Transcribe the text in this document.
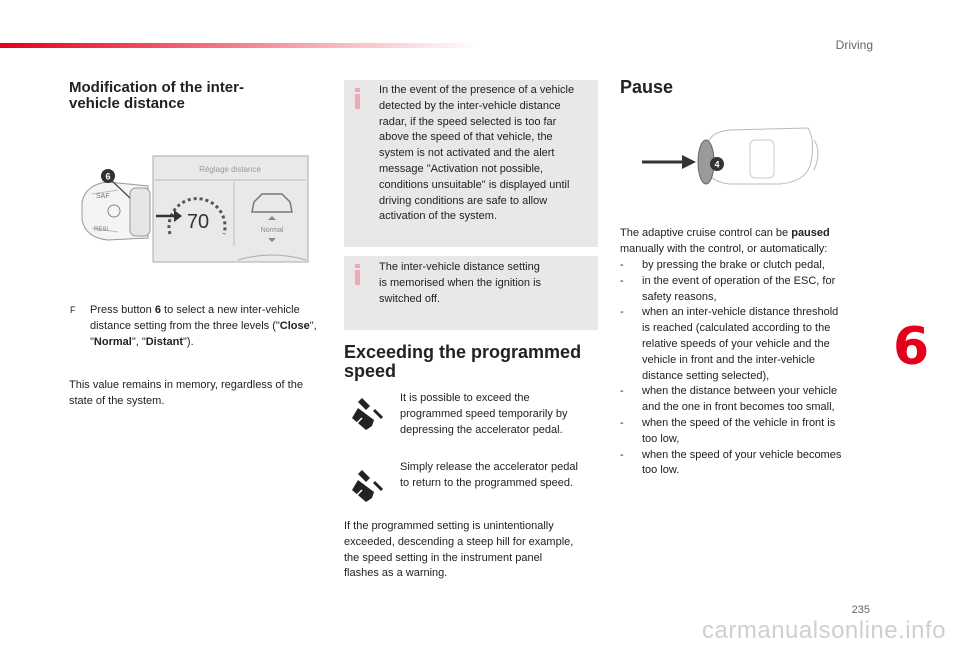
Driving
6
Modification of the inter-
vehicle distance
SAF
RESI
6
Réglage distance
70	Normal

F	Press button 6 to select a new inter-vehicle distance setting from the three levels ("Close", "Normal", "Distant").

This value remains in memory, regardless of the state of the system.

In the event of the presence of a vehicle
detected by the inter-vehicle distance
radar, if the speed selected is too far
above the speed of that vehicle, the
system is not activated and the alert
message "Activation not possible,
conditions unsuitable" is displayed until
driving conditions are safe to allow
activation of the system.
The inter-vehicle distance setting
is memorised when the ignition is
switched off.
Exceeding the programmed
speed
It is possible to exceed the
programmed speed temporarily by
depressing the accelerator pedal.
Simply release the accelerator pedal
to return to the programmed speed.
If the programmed setting is unintentionally
exceeded, descending a steep hill for example,
the speed setting in the instrument panel
flashes as a warning.
Pause
4
The adaptive cruise control can be paused
manually with the control, or automatically:
- by pressing the brake or clutch pedal,
- in the event of operation of the ESC, for
safety reasons,
- when an inter-vehicle distance threshold
is reached (calculated according to the
relative speeds of your vehicle and the
vehicle in front and the inter-vehicle
distance setting selected),
- when the distance between your vehicle
and the one in front becomes too small,
- when the speed of the vehicle in front is
too low,
- when the speed of your vehicle becomes
too low.
235
carmanualsonline.info
